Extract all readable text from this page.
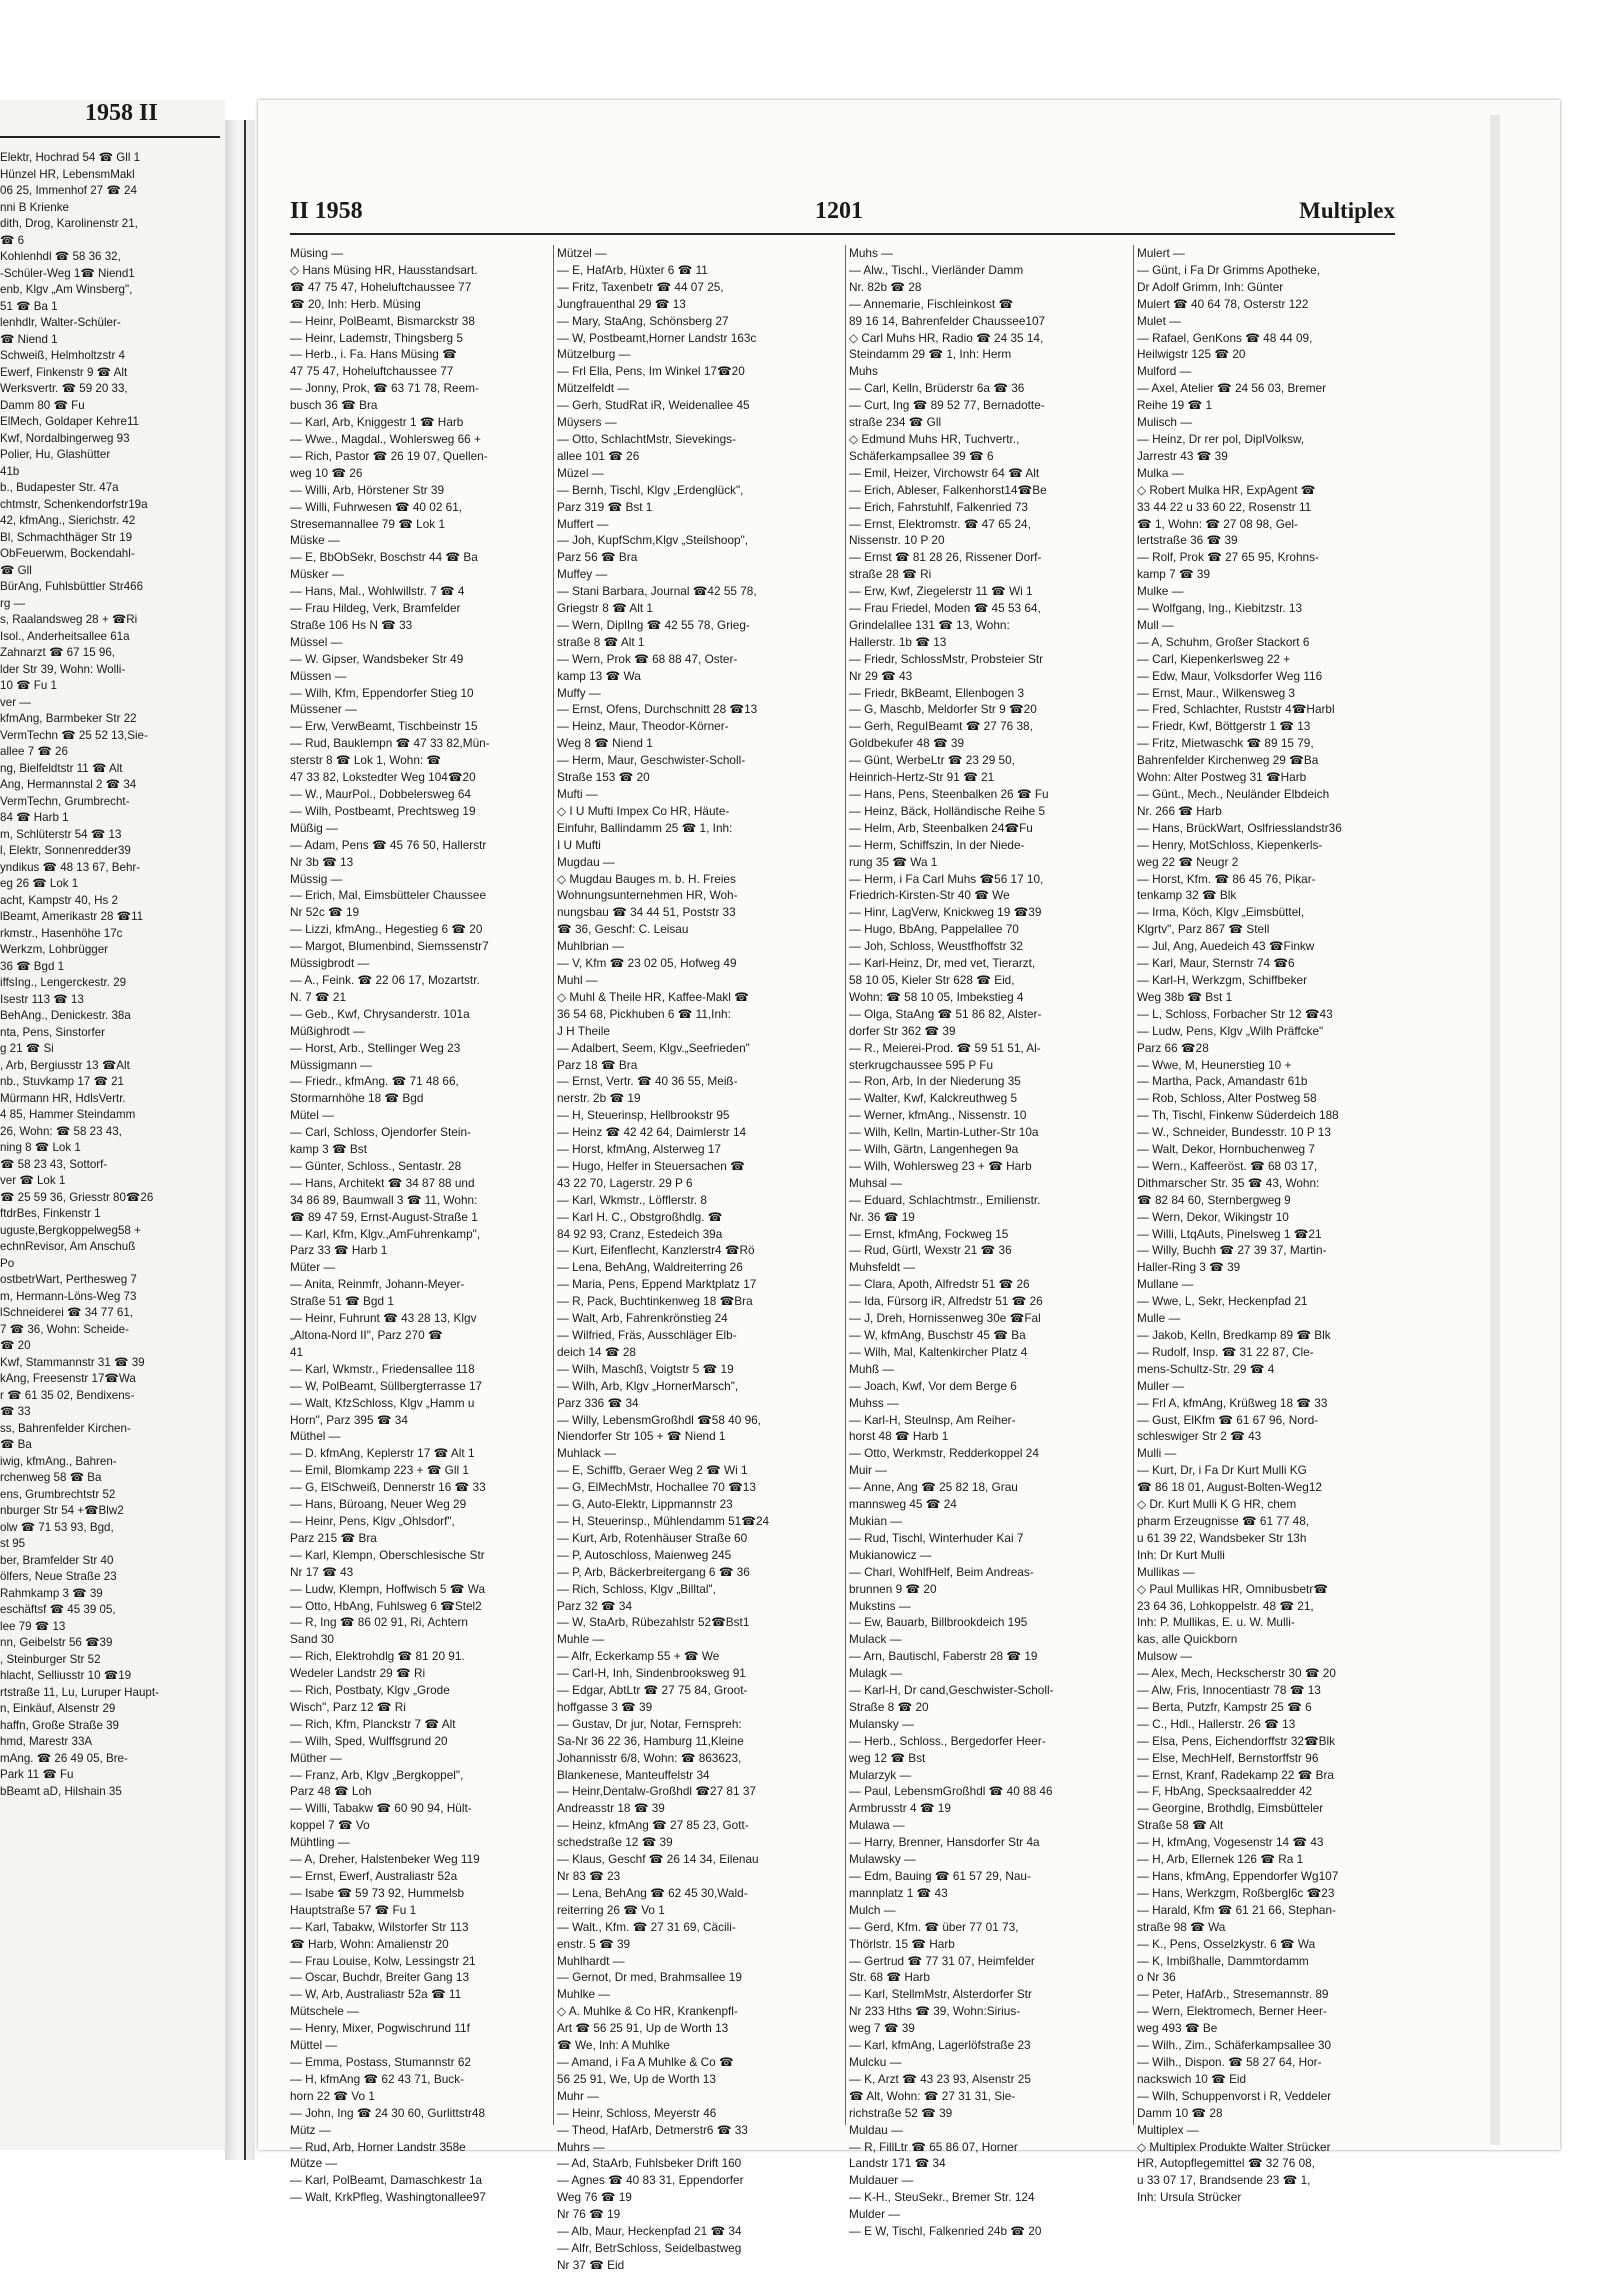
1958 II
Elektr, Hochrad 54 ☎ Gll 1
Hünzel HR, LebensmMakl
06 25, Immenhof 27 ☎ 24
nni B Krienke
dith, Drog, Karolinenstr 21,
☎ 6
Kohlenhdl ☎ 58 36 32,
-Schüler-Weg 1☎ Niend1
enb, Klgv „Am Winsberg",
51 ☎ Ba 1
lenhdlr, Walter-Schüler-
☎ Niend 1
Schweiß, Helmholtzstr 4
Ewerf, Finkenstr 9 ☎ Alt
Werksvertr. ☎ 59 20 33,
Damm 80 ☎ Fu
ElMech, Goldaper Kehre11
Kwf, Nordalbingerweg 93
Polier, Hu, Glashütter
41b
b., Budapester Str. 47a
chtmstr, Schenkendorfstr19a
42, kfmAng., Sierichstr. 42
Bl, Schmachthäger Str 19
ObFeuerwm, Bockendahl-
☎ Gll
BürAng, Fuhlsbüttler Str466
rg —
s, Raalandsweg 28 + ☎Ri
Isol., Anderheitsallee 61a
Zahnarzt ☎ 67 15 96,
lder Str 39, Wohn: Wolli-
10 ☎ Fu 1
ver —
kfmAng, Barmbeker Str 22
VermTechn ☎ 25 52 13,Sie-
allee 7 ☎ 26
ng, Bielfeldtstr 11 ☎ Alt
Ang, Hermannstal 2 ☎ 34
VermTechn, Grumbrecht-
84 ☎ Harb 1
m, Schlüterstr 54 ☎ 13
l, Elektr, Sonnenredder39
yndikus ☎ 48 13 67, Behr-
eg 26 ☎ Lok 1
acht, Kampstr 40, Hs 2
lBeamt, Amerikastr 28 ☎11
rkmstr., Hasenhöhe 17c
Werkzm, Lohbrügger
36 ☎ Bgd 1
iffsIng., Lengerckestr. 29
Isestr 113 ☎ 13
BehAng., Denickestr. 38a
nta, Pens, Sinstorfer
g 21 ☎ Si
, Arb, Bergiusstr 13 ☎Alt
nb., Stuvkamp 17 ☎ 21
Mürmann HR, HdlsVertr.
4 85, Hammer Steindamm
26, Wohn: ☎ 58 23 43,
ning 8 ☎ Lok 1
☎ 58 23 43, Sottorf-
ver ☎ Lok 1
☎ 25 59 36, Griesstr 80☎26
ftdrBes, Finkenstr 1
uguste,Bergkoppelweg58 +
echnRevisor, Am Anschuß
Po
ostbetrWart, Perthesweg 7
m, Hermann-Löns-Weg 73
lSchneiderei ☎ 34 77 61,
7 ☎ 36, Wohn: Scheide-
☎ 20
Kwf, Stammannstr 31 ☎ 39
kAng, Freesenstr 17☎Wa
r ☎ 61 35 02, Bendixens-
☎ 33
ss, Bahrenfelder Kirchen-
☎ Ba
iwig, kfmAng., Bahren-
rchenweg 58 ☎ Ba
ens, Grumbrechtstr 52
nburger Str 54 +☎Blw2
olw ☎ 71 53 93, Bgd,
st 95
ber, Bramfelder Str 40
ölfers, Neue Straße 23
Rahmkamp 3 ☎ 39
eschäftsf ☎ 45 39 05,
lee 79 ☎ 13
nn, Geibelstr 56 ☎39
, Steinburger Str 52
hlacht, Selliusstr 10 ☎19
rtstraße 11, Lu, Luruper Haupt-
n, Einkäuf, Alsenstr 29
haffn, Große Straße 39
hmd, Marestr 33A
mAng. ☎ 26 49 05, Bre-
Park 11 ☎ Fu
bBeamt aD, Hilshain 35
II 1958	1201	Multiplex
Müsing —
◇ Hans Müsing HR, Hausstandsart.
☎ 47 75 47, Hoheluftchaussee 77
☎ 20, Inh: Herb. Müsing
— Heinr, PolBeamt, Bismarckstr 38
— Heinr, Lademstr, Thingsberg 5
— Herb., i. Fa. Hans Müsing ☎
47 75 47, Hoheluftchaussee 77
— Jonny, Prok, ☎ 63 71 78, Reem-
busch 36 ☎ Bra
— Karl, Arb, Kniggestr 1 ☎ Harb
— Wwe., Magdal., Wohlersweg 66 +
— Rich, Pastor ☎ 26 19 07, Quellen-
weg 10 ☎ 26
— Willi, Arb, Hörstener Str 39
— Willi, Fuhrwesen ☎ 40 02 61,
Stresemannallee 79 ☎ Lok 1
Müske —
— E, BbObSekr, Boschstr 44 ☎ Ba
Müsker —
— Hans, Mal., Wohlwillstr. 7 ☎ 4
— Frau Hildeg, Verk, Bramfelder
Straße 106 Hs N ☎ 33
Müssel —
— W. Gipser, Wandsbeker Str 49
Müssen —
— Wilh, Kfm, Eppendorfer Stieg 10
Müssener —
— Erw, VerwBeamt, Tischbeinstr 15
— Rud, Bauklempn ☎ 47 33 82,Mün-
sterstr 8 ☎ Lok 1, Wohn: ☎
47 33 82, Lokstedter Weg 104☎20
— W., MaurPol., Dobbelersweg 64
— Wilh, Postbeamt, Prechtsweg 19
Müßig —
— Adam, Pens ☎ 45 76 50, Hallerstr
Nr 3b ☎ 13
Müssig —
— Erich, Mal, Eimsbütteler Chaussee
Nr 52c ☎ 19
— Lizzi, kfmAng., Hegestieg 6 ☎ 20
— Margot, Blumenbind, Siemssenstr7
Müssigbrodt —
— A., Feink. ☎ 22 06 17, Mozartstr.
N. 7 ☎ 21
— Geb., Kwf, Chrysanderstr. 101a
Müßighrodt —
— Horst, Arb., Stellinger Weg 23
Müssigmann —
— Friedr., kfmAng. ☎ 71 48 66,
Stormarnhöhe 18 ☎ Bgd
Mütel —
— Carl, Schloss, Ojendorfer Stein-
kamp 3 ☎ Bst
— Günter, Schloss., Sentastr. 28
— Hans, Architekt ☎ 34 87 88 und
34 86 89, Baumwall 3 ☎ 11, Wohn:
☎ 89 47 59, Ernst-August-Straße 1
— Karl, Kfm, Klgv.,AmFuhrenkamp",
Parz 33 ☎ Harb 1
Müter —
— Anita, Reinmfr, Johann-Meyer-
Straße 51 ☎ Bgd 1
— Heinr, Fuhrunt ☎ 43 28 13, Klgv
„Altona-Nord II", Parz 270 ☎
41
— Karl, Wkmstr., Friedensallee 118
— W, PolBeamt, Süllbergterrasse 17
— Walt, KfzSchloss, Klgv „Hamm u
Horn", Parz 395 ☎ 34
Müthel —
— D. kfmAng, Keplerstr 17 ☎ Alt 1
— Emil, Blomkamp 223 + ☎ Gll 1
— G, ElSchweiß, Dennerstr 16 ☎ 33
— Hans, Büroang, Neuer Weg 29
— Heinr, Pens, Klgv „Ohlsdorf",
Parz 215 ☎ Bra
— Karl, Klempn, Oberschlesische Str
Nr 17 ☎ 43
— Ludw, Klempn, Hoffwisch 5 ☎ Wa
— Otto, HbAng, Fuhlsweg 6 ☎Stel2
— R, Ing ☎ 86 02 91, Ri, Achtern
Sand 30
— Rich, Elektrohdlg ☎ 81 20 91.
Wedeler Landstr 29 ☎ Ri
— Rich, Postbaty, Klgv „Grode
Wisch", Parz 12 ☎ Ri
— Rich, Kfm, Planckstr 7 ☎ Alt
— Wilh, Sped, Wulffsgrund 20
Müther —
— Franz, Arb, Klgv „Bergkoppel",
Parz 48 ☎ Loh
— Willi, Tabakw ☎ 60 90 94, Hült-
koppel 7 ☎ Vo
Mühtling —
— A, Dreher, Halstenbeker Weg 119
— Ernst, Ewerf, Australiastr 52a
— Isabe ☎ 59 73 92, Hummelsb
Hauptstraße 57 ☎ Fu 1
— Karl, Tabakw, Wilstorfer Str 113
☎ Harb, Wohn: Amalienstr 20
— Frau Louise, Kolw, Lessingstr 21
— Oscar, Buchdr, Breiter Gang 13
— W, Arb, Australiastr 52a ☎ 11
Mütschele —
— Henry, Mixer, Pogwischrund 11f
Müttel —
— Emma, Postass, Stumannstr 62
— H, kfmAng ☎ 62 43 71, Buck-
horn 22 ☎ Vo 1
— John, Ing ☎ 24 30 60, Gurlittstr48
Mütz —
— Rud, Arb, Horner Landstr 358e
Mütze —
— Karl, PolBeamt, Damaschkestr 1a
— Walt, KrkPfleg, Washingtonallee97
Mützel —
— E, HafArb, Hüxter 6 ☎ 11
— Fritz, Taxenbetr ☎ 44 07 25,
Jungfrauenthal 29 ☎ 13
— Mary, StaAng, Schönsberg 27
— W, Postbeamt,Horner Landstr 163c
Mützelburg —
— Frl Ella, Pens, Im Winkel 17☎20
Mützelfeldt —
— Gerh, StudRat iR, Weidenallee 45
Müysers —
— Otto, SchlachtMstr, Sievekings-
allee 101 ☎ 26
Müzel —
— Bernh, Tischl, Klgv „Erdenglück",
Parz 319 ☎ Bst 1
Muffert —
— Joh, KupfSchm,Klgv „Steilshoop",
Parz 56 ☎ Bra
Muffey —
— Stani Barbara, Journal ☎42 55 78,
Griegstr 8 ☎ Alt 1
— Wern, DiplIng ☎ 42 55 78, Grieg-
straße 8 ☎ Alt 1
— Wern, Prok ☎ 68 88 47, Oster-
kamp 13 ☎ Wa
Muffy —
— Ernst, Ofens, Durchschnitt 28 ☎13
— Heinz, Maur, Theodor-Körner-
Weg 8 ☎ Niend 1
— Herm, Maur, Geschwister-Scholl-
Straße 153 ☎ 20
Mufti —
◇ I U Mufti Impex Co HR, Häute-
Einfuhr, Ballindamm 25 ☎ 1, Inh:
I U Mufti
Mugdau —
◇ Mugdau Bauges m. b. H. Freies
Wohnungsunternehmen HR, Woh-
nungsbau ☎ 34 44 51, Poststr 33
☎ 36, Geschf: C. Leisau
Muhlbrian —
— V, Kfm ☎ 23 02 05, Hofweg 49
Muhl —
◇ Muhl & Theile HR, Kaffee-Makl ☎
36 54 68, Pickhuben 6 ☎ 11,Inh:
J H Theile
— Adalbert, Seem, Klgv.„Seefrieden"
Parz 18 ☎ Bra
— Ernst, Vertr. ☎ 40 36 55, Meiß-
nerstr. 2b ☎ 19
— H, Steuerinsp, Hellbrookstr 95
— Heinz ☎ 42 42 64, Daimlerstr 14
— Horst, kfmAng, Alsterweg 17
— Hugo, Helfer in Steuersachen ☎
43 22 70, Lagerstr. 29 P 6
— Karl, Wkmstr., Löfflerstr. 8
— Karl H. C., Obstgroßhdlg. ☎
84 92 93, Cranz, Estedeich 39a
— Kurt, Eifenflecht, Kanzlerstr4 ☎Rö
— Lena, BehAng, Waldreiterring 26
— Maria, Pens, Eppend Marktplatz 17
— R, Pack, Buchtinkenweg 18 ☎Bra
— Walt, Arb, Fahrenkrönstieg 24
— Wilfried, Fräs, Ausschläger Elb-
deich 14 ☎ 28
— Wilh, Maschß, Voigtstr 5 ☎ 19
— Wilh, Arb, Klgv „HornerMarsch",
Parz 336 ☎ 34
— Willy, LebensmGroßhdl ☎58 40 96,
Niendorfer Str 105 + ☎ Niend 1
Muhlack —
— E, Schiffb, Geraer Weg 2 ☎ Wi 1
— G, ElMechMstr, Hochallee 70 ☎13
— G, Auto-Elektr, Lippmannstr 23
— H, Steuerinsp., Mühlendamm 51☎24
— Kurt, Arb, Rotenhäuser Straße 60
— P, Autoschloss, Maienweg 245
— P, Arb, Bäckerbreitergang 6 ☎ 36
— Rich, Schloss, Klgv „Billtal",
Parz 32 ☎ 34
— W, StaArb, Rübezahlstr 52☎Bst1
Muhle —
— Alfr, Eckerkamp 55 + ☎ We
— Carl-H, Inh, Sindenbrooksweg 91
— Edgar, AbtLtr ☎ 27 75 84, Groot-
hoffgasse 3 ☎ 39
— Gustav, Dr jur, Notar, Fernspreh:
Sa-Nr 36 22 36, Hamburg 11,Kleine
Johannisstr 6/8, Wohn: ☎ 863623,
Blankenese, Manteuffelstr 34
— Heinr,Dentalw-Großhdl ☎27 81 37
Andreasstr 18 ☎ 39
— Heinz, kfmAng ☎ 27 85 23, Gott-
schedstraße 12 ☎ 39
— Klaus, Geschf ☎ 26 14 34, Eilenau
Nr 83 ☎ 23
— Lena, BehAng ☎ 62 45 30,Wald-
reiterring 26 ☎ Vo 1
— Walt., Kfm. ☎ 27 31 69, Cäcili-
enstr. 5 ☎ 39
Muhlhardt —
— Gernot, Dr med, Brahmsallee 19
Muhlke —
◇ A. Muhlke & Co HR, Krankenpfl-
Art ☎ 56 25 91, Up de Worth 13
☎ We, Inh: A Muhlke
— Amand, i Fa A Muhlke & Co ☎
56 25 91, We, Up de Worth 13
Muhr —
— Heinr, Schloss, Meyerstr 46
— Theod, HafArb, Detmerstr6 ☎ 33
Muhrs —
— Ad, StaArb, Fuhlsbeker Drift 160
— Agnes ☎ 40 83 31, Eppendorfer
Weg 76 ☎ 19
Nr 76 ☎ 19
— Alb, Maur, Heckenpfad 21 ☎ 34
— Alfr, BetrSchloss, Seidelbastweg
Nr 37 ☎ Eid
Muhs —
— Alw., Tischl., Vierländer Damm
Nr. 82b ☎ 28
— Annemarie, Fischleinkost ☎
89 16 14, Bahrenfelder Chaussee107
◇ Carl Muhs HR, Radio ☎ 24 35 14,
Steindamm 29 ☎ 1, Inh: Herm
Muhs
— Carl, Kelln, Brüderstr 6a ☎ 36
— Curt, Ing ☎ 89 52 77, Bernadotte-
straße 234 ☎ Gll
◇ Edmund Muhs HR, Tuchvertr.,
Schäferkampsallee 39 ☎ 6
— Emil, Heizer, Virchowstr 64 ☎ Alt
— Erich, Ableser, Falkenhorst14☎Be
— Erich, Fahrstuhlf, Falkenried 73
— Ernst, Elektromstr. ☎ 47 65 24,
Nissenstr. 10 P 20
— Ernst ☎ 81 28 26, Rissener Dorf-
straße 28 ☎ Ri
— Erw, Kwf, Ziegelerstr 11 ☎ Wi 1
— Frau Friedel, Moden ☎ 45 53 64,
Grindelallee 131 ☎ 13, Wohn:
Hallerstr. 1b ☎ 13
— Friedr, SchlossMstr, Probsteier Str
Nr 29 ☎ 43
— Friedr, BkBeamt, Ellenbogen 3
— G, Maschb, Meldorfer Str 9 ☎20
— Gerh, ReguIBeamt ☎ 27 76 38,
Goldbekufer 48 ☎ 39
— Günt, WerbeLtr ☎ 23 29 50,
Heinrich-Hertz-Str 91 ☎ 21
— Hans, Pens, Steenbalken 26 ☎ Fu
— Heinz, Bäck, Holländische Reihe 5
— Helm, Arb, Steenbalken 24☎Fu
— Herm, Schiffszin, In der Niede-
rung 35 ☎ Wa 1
— Herm, i Fa Carl Muhs ☎56 17 10,
Friedrich-Kirsten-Str 40 ☎ We
— Hinr, LagVerw, Knickweg 19 ☎39
— Hugo, BbAng, Pappelallee 70
— Joh, Schloss, Weustfhoffstr 32
— Karl-Heinz, Dr, med vet, Tierarzt,
58 10 05, Kieler Str 628 ☎ Eid,
Wohn: ☎ 58 10 05, Imbekstieg 4
— Olga, StaAng ☎ 51 86 82, Alster-
dorfer Str 362 ☎ 39
— R., Meierei-Prod. ☎ 59 51 51, Al-
sterkrugchaussee 595 P Fu
— Ron, Arb, In der Niederung 35
— Walter, Kwf, Kalckreuthweg 5
— Werner, kfmAng., Nissenstr. 10
— Wilh, Kelln, Martin-Luther-Str 10a
— Wilh, Gärtn, Langenhegen 9a
— Wilh, Wohlersweg 23 + ☎ Harb
Muhsal —
— Eduard, Schlachtmstr., Emilienstr.
Nr. 36 ☎ 19
— Ernst, kfmAng, Fockweg 15
— Rud, Gürtl, Wexstr 21 ☎ 36
Muhsfeldt —
— Clara, Apoth, Alfredstr 51 ☎ 26
— Ida, Fürsorg iR, Alfredstr 51 ☎ 26
— J, Dreh, Hornissenweg 30e ☎Fal
— W, kfmAng, Buschstr 45 ☎ Ba
— Wilh, Mal, Kaltenkircher Platz 4
Muhß —
— Joach, Kwf, Vor dem Berge 6
Muhss —
— Karl-H, Steulnsp, Am Reiher-
horst 48 ☎ Harb 1
— Otto, Werkmstr, Redderkoppel 24
Muir —
— Anne, Ang ☎ 25 82 18, Grau
mannsweg 45 ☎ 24
Mukian —
— Rud, Tischl, Winterhuder Kai 7
Mukianowicz —
— Charl, WohlfHelf, Beim Andreas-
brunnen 9 ☎ 20
Mukstins —
— Ew, Bauarb, Billbrookdeich 195
Mulack —
— Arn, Bautischl, Faberstr 28 ☎ 19
Mulagk —
— Karl-H, Dr cand,Geschwister-Scholl-
Straße 8 ☎ 20
Mulansky —
— Herb., Schloss., Bergedorfer Heer-
weg 12 ☎ Bst
Mularzyk —
— Paul, LebensmGroßhdl ☎ 40 88 46
Armbrusstr 4 ☎ 19
Mulawa —
— Harry, Brenner, Hansdorfer Str 4a
Mulawsky —
— Edm, Bauing ☎ 61 57 29, Nau-
mannplatz 1 ☎ 43
Mulch —
— Gerd, Kfm. ☎ über 77 01 73,
Thörlstr. 15 ☎ Harb
— Gertrud ☎ 77 31 07, Heimfelder
Str. 68 ☎ Harb
— Karl, StellmMstr, Alsterdorfer Str
Nr 233 Hths ☎ 39, Wohn:Sirius-
weg 7 ☎ 39
— Karl, kfmAng, Lagerlöfstraße 23
Mulcku —
— K, Arzt ☎ 43 23 93, Alsenstr 25
☎ Alt, Wohn: ☎ 27 31 31, Sie-
richstraße 52 ☎ 39
Muldau —
— R, FillLtr ☎ 65 86 07, Horner
Landstr 171 ☎ 34
Muldauer —
— K-H., SteuSekr., Bremer Str. 124
Mulder —
— E W, Tischl, Falkenried 24b ☎ 20
Mulert —
— Günt, i Fa Dr Grimms Apotheke,
Dr Adolf Grimm, Inh: Günter
Mulert ☎ 40 64 78, Osterstr 122
Mulet —
— Rafael, GenKons ☎ 48 44 09,
Heilwigstr 125 ☎ 20
Mulford —
— Axel, Atelier ☎ 24 56 03, Bremer
Reihe 19 ☎ 1
Mulisch —
— Heinz, Dr rer pol, DiplVolksw,
Jarrestr 43 ☎ 39
Mulka —
◇ Robert Mulka HR, ExpAgent ☎
33 44 22 u 33 60 22, Rosenstr 11
☎ 1, Wohn: ☎ 27 08 98, Gel-
lertstraße 36 ☎ 39
— Rolf, Prok ☎ 27 65 95, Krohns-
kamp 7 ☎ 39
Mulke —
— Wolfgang, Ing., Kiebitzstr. 13
Mull —
— A, Schuhm, Großer Stackort 6
— Carl, Kiepenkerlsweg 22 +
— Edw, Maur, Volksdorfer Weg 116
— Ernst, Maur., Wilkensweg 3
— Fred, Schlachter, Ruststr 4☎Harbl
— Friedr, Kwf, Böttgerstr 1 ☎ 13
— Fritz, Mietwaschk ☎ 89 15 79,
Bahrenfelder Kirchenweg 29 ☎Ba
Wohn: Alter Postweg 31 ☎Harb
— Günt., Mech., Neuländer Elbdeich
Nr. 266 ☎ Harb
— Hans, BrückWart, Oslfriesslandstr36
— Henry, MotSchloss, Kiepenkerls-
weg 22 ☎ Neugr 2
— Horst, Kfm. ☎ 86 45 76, Pikar-
tenkamp 32 ☎ Blk
— Irma, Köch, Klgv „Eimsbüttel,
Klgrtv", Parz 867 ☎ Stell
— Jul, Ang, Auedeich 43 ☎Finkw
— Karl, Maur, Sternstr 74 ☎6
— Karl-H, Werkzgm, Schiffbeker
Weg 38b ☎ Bst 1
— L, Schloss, Forbacher Str 12 ☎43
— Ludw, Pens, Klgv „Wilh Präffcke"
Parz 66 ☎28
— Wwe, M, Heunerstieg 10 +
— Martha, Pack, Amandastr 61b
— Rob, Schloss, Alter Postweg 58
— Th, Tischl, Finkenw Süderdeich 188
— W., Schneider, Bundesstr. 10 P 13
— Walt, Dekor, Hornbuchenweg 7
— Wern., Kaffeeröst. ☎ 68 03 17,
Dithmarscher Str. 35 ☎ 43, Wohn:
☎ 82 84 60, Sternbergweg 9
— Wern, Dekor, Wikingstr 10
— Willi, LtqAuts, Pinelsweg 1 ☎21
— Willy, Buchh ☎ 27 39 37, Martin-
Haller-Ring 3 ☎ 39
Mullane —
— Wwe, L, Sekr, Heckenpfad 21
Mulle —
— Jakob, Kelln, Bredkamp 89 ☎ Blk
— Rudolf, Insp. ☎ 31 22 87, Cle-
mens-Schultz-Str. 29 ☎ 4
Muller —
— Frl A, kfmAng, Krüßweg 18 ☎ 33
— Gust, ElKfm ☎ 61 67 96, Nord-
schleswiger Str 2 ☎ 43
Mulli —
— Kurt, Dr, i Fa Dr Kurt Mulli KG
☎ 86 18 01, August-Bolten-Weg12
◇ Dr. Kurt Mulli K G HR, chem
pharm Erzeugnisse ☎ 61 77 48,
u 61 39 22, Wandsbeker Str 13h
Inh: Dr Kurt Mulli
Mullikas —
◇ Paul Mullikas HR, Omnibusbetr☎
23 64 36, Lohkoppelstr. 48 ☎ 21,
Inh: P. Mullikas, E. u. W. Mulli-
kas, alle Quickborn
Mulsow —
— Alex, Mech, Heckscherstr 30 ☎ 20
— Alw, Fris, Innocentiastr 78 ☎ 13
— Berta, Putzfr, Kampstr 25 ☎ 6
— C., Hdl., Hallerstr. 26 ☎ 13
— Elsa, Pens, Eichendorffstr 32☎Blk
— Else, MechHelf, Bernstorffstr 96
— Ernst, Kranf, Radekamp 22 ☎ Bra
— F, HbAng, Specksaalredder 42
— Georgine, Brothdlg, Eimsbütteler
Straße 58 ☎ Alt
— H, kfmAng, Vogesenstr 14 ☎ 43
— H, Arb, Ellernek 126 ☎ Ra 1
— Hans, kfmAng, Eppendorfer Wg107
— Hans, Werkzgm, Roßbergl6c ☎23
— Harald, Kfm ☎ 61 21 66, Stephan-
straße 98 ☎ Wa
— K., Pens, Osselzkystr. 6 ☎ Wa
— K, Imbißhalle, Dammtordamm
o Nr 36
— Peter, HafArb., Stresemannstr. 89
— Wern, Elektromech, Berner Heer-
weg 493 ☎ Be
— Wilh., Zim., Schäferkampsallee 30
— Wilh., Dispon. ☎ 58 27 64, Hor-
nackswich 10 ☎ Eid
— Wilh, Schuppenvorst i R, Veddeler
Damm 10 ☎ 28
Multiplex —
◇ Multiplex Produkte Walter Strücker
HR, Autopflegemittel ☎ 32 76 08,
u 33 07 17, Brandsende 23 ☎ 1,
Inh: Ursula Strücker
